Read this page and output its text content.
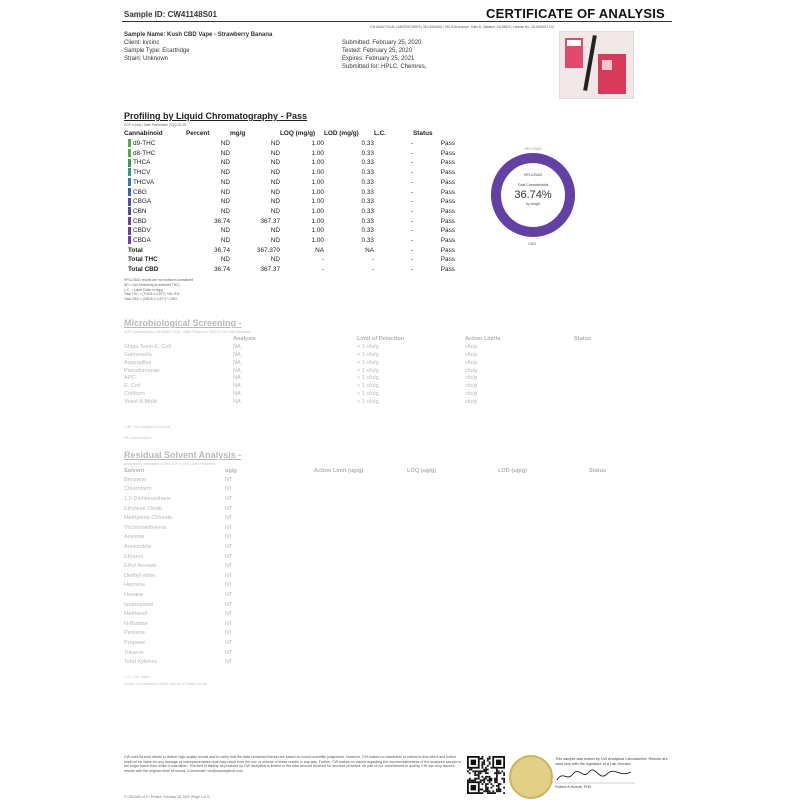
Sample ID: CW41148S01	CERTIFICATE OF ANALYSIS
CW ANALYTICAL LABORATORIES | 510.545.6661 | 851 81st Avenue, Suite D, Oakland, CA 94621 | License No. C8-0000017-LIC
Sample Name: Kush CBD Vape - Strawberry Banana
Client: kvcinc
Sample Type: Ecartridge
Strain: Unknown
Submitted: February 25, 2020
Tested: February 25, 2020
Expires: February 25, 2021
Submitted for: HPLC, Chemres,
Profiling by Liquid Chromatography - Pass
SOP # (n/a) | Date Performed: 2020-02-25
Cannabinoid	Percent	mg/g	LOQ (mg/g)	LOD (mg/g)	L.C.	Status
d9-THC	ND	ND	1.00	0.33	-	Pass
d8-THC	ND	ND	1.00	0.33	-	Pass
THCA	ND	ND	1.00	0.33	-	Pass
THCV	ND	ND	1.00	0.33	-	Pass
THCVA	ND	ND	1.00	0.33	-	Pass
CBG	ND	ND	1.00	0.33	-	Pass
CBGA	ND	ND	1.00	0.33	-	Pass
CBN	ND	ND	1.00	0.33	-	Pass
CBD	36.74	367.37	1.00	0.33	-	Pass
CBDV	ND	ND	1.00	0.33	-	Pass
CBDA	ND	ND	1.00	0.33	-	Pass
Total	36.74	367.370	NA	NA	-	Pass
Total THC	ND	ND	-	-	-	Pass
Total CBD	36.74	367.37	-	-	-	Pass
HPLC/DAD results are not moisture-normalized
ND = Not Detected(not detected THC)
L.C. = Label Claim in mg/g
Total THC = (THCA X 0.877) +d9-THC
Total CBD = (CBDA X 0.877) + CBD
HPLC/DAD
HPLC/DAD
Total Cannabinoids
36.74%
by weight
CBD
Microbiological Screening -
SOP # performed by CW ANALYTICAL | Date Performed: 2020-02-25 | Date Reviewed
Analysis	Limit of Detection	Action Limits	Status
Shiga Toxin E. Coli	NA	< 1 cfu/g	cfu/g
Salmonella	NA	< 1 cfu/g	cfu/g
Aspergillus	NA	< 1 cfu/g	cfu/g
Pseudomonas	NA	< 1 cfu/g	cfu/g
APC	NA	< 1 cfu/g	cfu/g
E. Coli	NA	< 1 cfu/g	cfu/g
Coliform	NA	< 1 cfu/g	cfu/g
Yeast & Mold	NA	< 1 cfu/g	cfu/g
* NR = Not Required (Pursuant)
NA = Not Analyzed
Residual Solvent Analysis -
Analyzed by headspace GCMS. SOP # (n/a) | Date Performed
Solvent	ug/g	Action Limit (ug/g)	LOQ (ug/g)	LOD (ug/g)	Status
Benzene	NT
Chloroform	NT
1,2-Dichloroethane	NT
Ethylene Oxide	NT
Methylene Chloride	NT
Trichloroethylene	NT
Acetone	NT
Acetonitrile	NT
Ethanol	NT
Ethyl Acetate	NT
Diethyl ether	NT
Heptane	NT
Hexane	NT
Isopropanol	NT
Methanol	NT
N-Butane	NT
Pentane	NT
Propane	NT
Toluene	NT
Total Xylenes	NT
* NT = Not Tested
Solvent not determined will be reported at Phase 3 levels
CW uses its best efforts to deliver high-quality results and to verify that the data contained therein are based on sound scientific judgement. However, CW makes no warranties or claims to that effect and further shall not be liable for any damage or misrepresentation that may result from the use or misuse of these results in any way. Further, CW makes no claims regarding the representativeness of the analyzed sample to the larger batch from which it was taken. The limit of liability as provided by CW Analytical is limited to the total amount invoiced for services provided. As part of our commitment to quality, CW can only discuss results with the original client of record. Comments? cw@cwanalytical.com
This sample was tested by CW Analytical Laboratories. Results are valid only with the signature of a Lab Director.
Robert A Huede, PhD
© CWLAB2 v1.0 | Printed: February 28, 2020 (Page 1 of 2)
